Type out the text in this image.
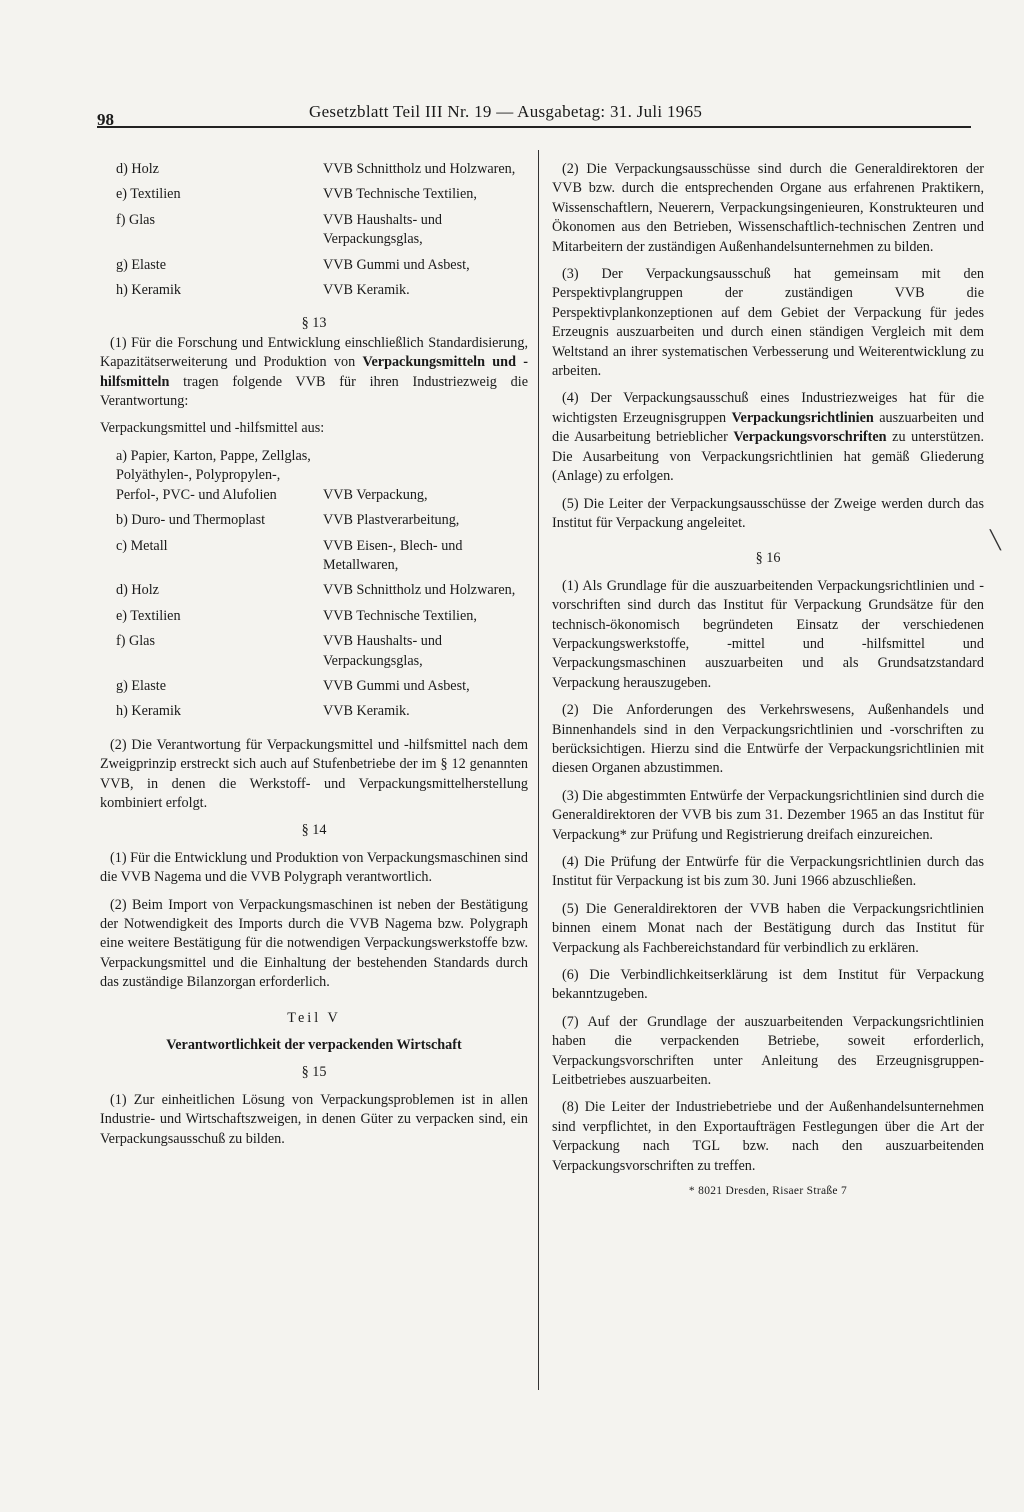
98	Gesetzblatt Teil III Nr. 19 — Ausgabetag: 31. Juli 1965
d) Holz	VVB Schnittholz und Holzwaren,
e) Textilien	VVB Technische Textilien,
f) Glas	VVB Haushalts- und Verpackungsglas,
g) Elaste	VVB Gummi und Asbest,
h) Keramik	VVB Keramik.

§ 13

(1) Für die Forschung und Entwicklung einschließlich Standardisierung, Kapazitätserweiterung und Produktion von Verpackungsmitteln und -hilfsmitteln tragen folgende VVB für ihren Industriezweig die Verantwortung:

Verpackungsmittel und -hilfsmittel aus:

a) Papier, Karton, Pappe, Zellglas, Polyäthylen-, Polypropylen-, Perfol-, PVC- und Alufolien	VVB Verpackung,
b) Duro- und Thermoplast	VVB Plastverarbeitung,
c) Metall	VVB Eisen-, Blech- und Metallwaren,
d) Holz	VVB Schnittholz und Holzwaren,
e) Textilien	VVB Technische Textilien,
f) Glas	VVB Haushalts- und Verpackungsglas,
g) Elaste	VVB Gummi und Asbest,
h) Keramik	VVB Keramik.

(2) Die Verantwortung für Verpackungsmittel und -hilfsmittel nach dem Zweigprinzip erstreckt sich auch auf Stufenbetriebe der im § 12 genannten VVB, in denen die Werkstoff- und Verpackungsmittelherstellung kombiniert erfolgt.

§ 14

(1) Für die Entwicklung und Produktion von Verpackungsmaschinen sind die VVB Nagema und die VVB Polygraph verantwortlich.

(2) Beim Import von Verpackungsmaschinen ist neben der Bestätigung der Notwendigkeit des Imports durch die VVB Nagema bzw. Polygraph eine weitere Bestätigung für die notwendigen Verpackungswerkstoffe bzw. Verpackungsmittel und die Einhaltung der bestehenden Standards durch das zuständige Bilanzorgan erforderlich.

Teil V

Verantwortlichkeit der verpackenden Wirtschaft

§ 15

(1) Zur einheitlichen Lösung von Verpackungsproblemen ist in allen Industrie- und Wirtschaftszweigen, in denen Güter zu verpacken sind, ein Verpackungsausschuß zu bilden.

(2) Die Verpackungsausschüsse sind durch die Generaldirektoren der VVB bzw. durch die entsprechenden Organe aus erfahrenen Praktikern, Wissenschaftlern, Neuerern, Verpackungsingenieuren, Konstrukteuren und Ökonomen aus den Betrieben, Wissenschaftlich-technischen Zentren und Mitarbeitern der zuständigen Außenhandelsunternehmen zu bilden.

(3) Der Verpackungsausschuß hat gemeinsam mit den Perspektivplangruppen der zuständigen VVB die Perspektivplankonzeptionen auf dem Gebiet der Verpackung für jedes Erzeugnis auszuarbeiten und durch einen ständigen Vergleich mit dem Weltstand an ihrer systematischen Verbesserung und Weiterentwicklung zu arbeiten.

(4) Der Verpackungsausschuß eines Industriezweiges hat für die wichtigsten Erzeugnisgruppen Verpackungsrichtlinien auszuarbeiten und die Ausarbeitung betrieblicher Verpackungsvorschriften zu unterstützen. Die Ausarbeitung von Verpackungsrichtlinien hat gemäß Gliederung (Anlage) zu erfolgen.

(5) Die Leiter der Verpackungsausschüsse der Zweige werden durch das Institut für Verpackung angeleitet.

§ 16

(1) Als Grundlage für die auszuarbeitenden Verpackungsrichtlinien und -vorschriften sind durch das Institut für Verpackung Grundsätze für den technisch-ökonomisch begründeten Einsatz der verschiedenen Verpackungswerkstoffe, -mittel und -hilfsmittel und Verpackungsmaschinen auszuarbeiten und als Grundsatzstandard Verpackung herauszugeben.

(2) Die Anforderungen des Verkehrswesens, Außenhandels und Binnenhandels sind in den Verpackungsrichtlinien und -vorschriften zu berücksichtigen. Hierzu sind die Entwürfe der Verpackungsrichtlinien mit diesen Organen abzustimmen.

(3) Die abgestimmten Entwürfe der Verpackungsrichtlinien sind durch die Generaldirektoren der VVB bis zum 31. Dezember 1965 an das Institut für Verpackung* zur Prüfung und Registrierung dreifach einzureichen.

(4) Die Prüfung der Entwürfe für die Verpackungsrichtlinien durch das Institut für Verpackung ist bis zum 30. Juni 1966 abzuschließen.

(5) Die Generaldirektoren der VVB haben die Verpackungsrichtlinien binnen einem Monat nach der Bestätigung durch das Institut für Verpackung als Fachbereichstandard für verbindlich zu erklären.

(6) Die Verbindlichkeitserklärung ist dem Institut für Verpackung bekanntzugeben.

(7) Auf der Grundlage der auszuarbeitenden Verpackungsrichtlinien haben die verpackenden Betriebe, soweit erforderlich, Verpackungsvorschriften unter Anleitung des Erzeugnisgruppen-Leitbetriebes auszuarbeiten.

(8) Die Leiter der Industriebetriebe und der Außenhandelsunternehmen sind verpflichtet, in den Exportaufträgen Festlegungen über die Art der Verpackung nach TGL bzw. nach den auszuarbeitenden Verpackungsvorschriften zu treffen.

* 8021 Dresden, Risaer Straße 7

╲
